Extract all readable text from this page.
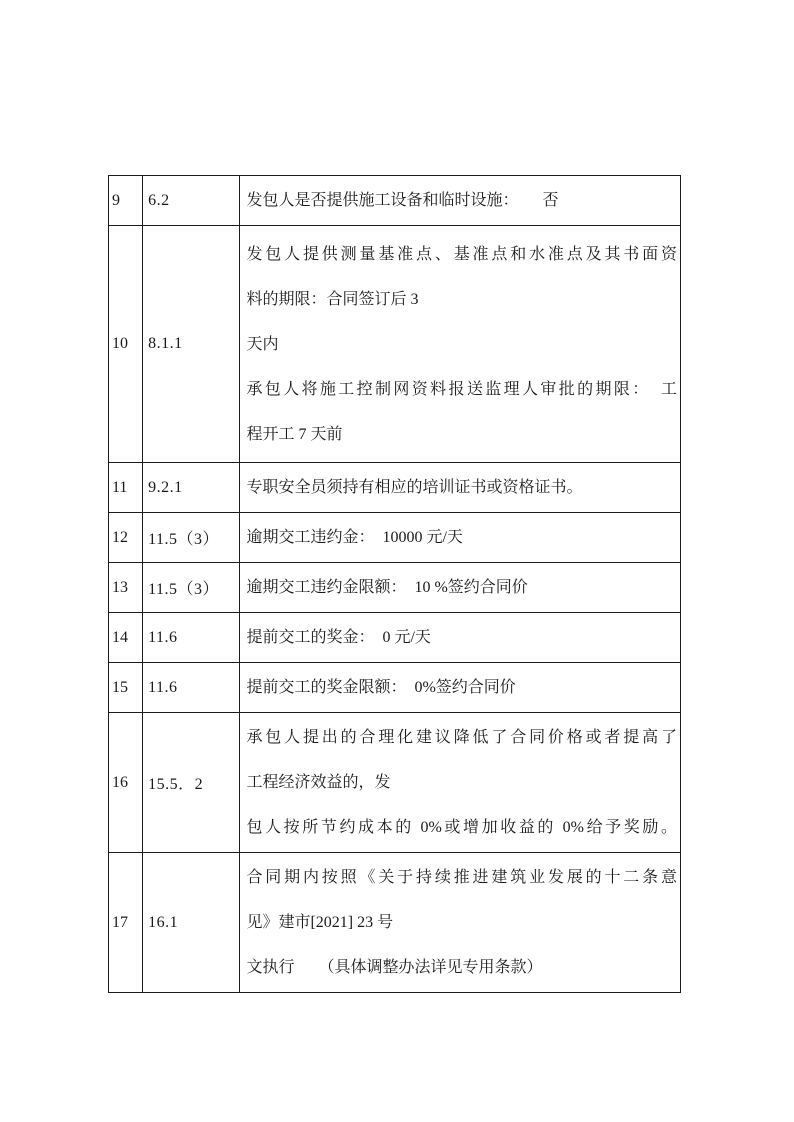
9	6.2	发包人是否提供施工设备和临时设施：　　否

10	8.1.1	发包人提供测量基准点、基准点和水准点及其书面资
料的期限：合同签订后 3
天内
承包人将施工控制网资料报送监理人审批的期限：　工
程开工 7 天前

11	9.2.1	专职安全员须持有相应的培训证书或资格证书。

12	11.5（3）	逾期交工违约金：　10000 元/天

13	11.5（3）	逾期交工违约金限额：　10 %签约合同价

14	11.6	提前交工的奖金：　0 元/天

15	11.6	提前交工的奖金限额：　0%签约合同价

16	15.5．2	承包人提出的合理化建议降低了合同价格或者提高了
工程经济效益的，发
包人按所节约成本的 0%或增加收益的 0%给予奖励。

17	16.1	合同期内按照《关于持续推进建筑业发展的十二条意
见》建市[2021] 23 号
文执行　　（具体调整办法详见专用条款）
